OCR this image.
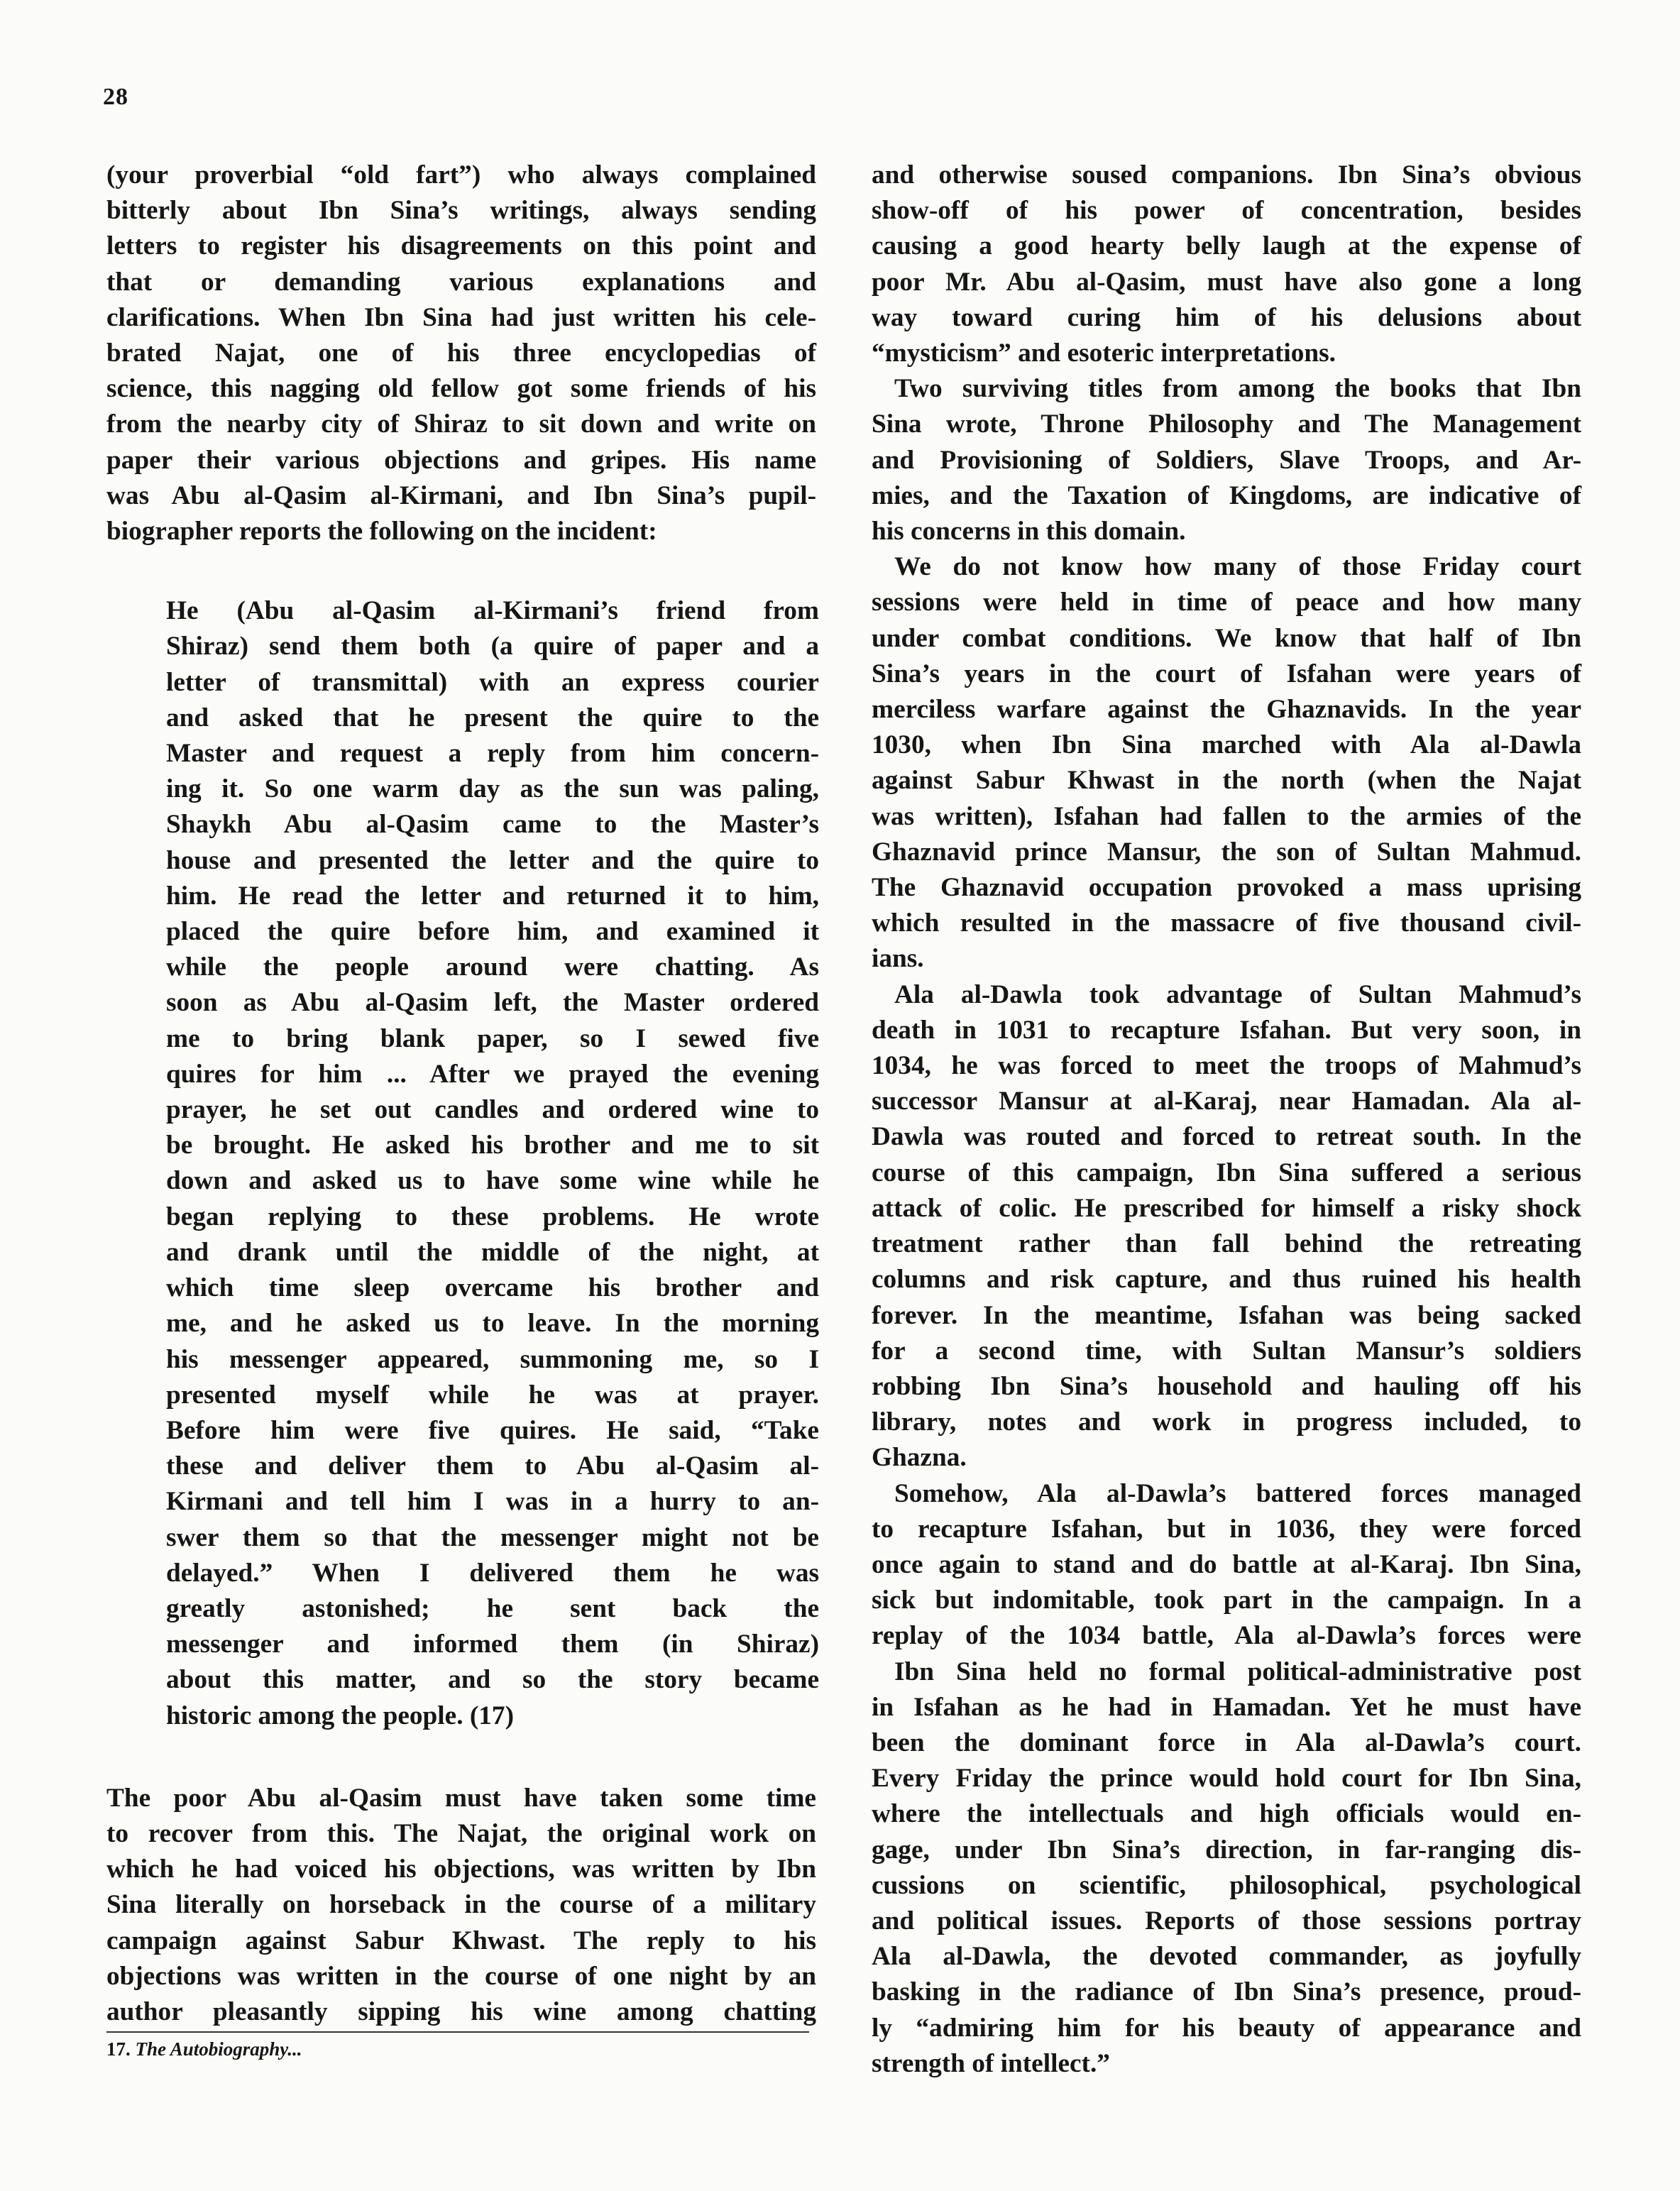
28
(your proverbial “old fart”) who always complained
bitterly about Ibn Sina’s writings, always sending
letters to register his disagreements on this point and
that or demanding various explanations and
clarifications. When Ibn Sina had just written his cele-
brated Najat, one of his three encyclopedias of
science, this nagging old fellow got some friends of his
from the nearby city of Shiraz to sit down and write on
paper their various objections and gripes. His name
was Abu al-Qasim al-Kirmani, and Ibn Sina’s pupil-
biographer reports the following on the incident:
He (Abu al-Qasim al-Kirmani’s friend from
Shiraz) send them both (a quire of paper and a
letter of transmittal) with an express courier
and asked that he present the quire to the
Master and request a reply from him concern-
ing it. So one warm day as the sun was paling,
Shaykh Abu al-Qasim came to the Master’s
house and presented the letter and the quire to
him. He read the letter and returned it to him,
placed the quire before him, and examined it
while the people around were chatting. As
soon as Abu al-Qasim left, the Master ordered
me to bring blank paper, so I sewed five
quires for him ... After we prayed the evening
prayer, he set out candles and ordered wine to
be brought. He asked his brother and me to sit
down and asked us to have some wine while he
began replying to these problems. He wrote
and drank until the middle of the night, at
which time sleep overcame his brother and
me, and he asked us to leave. In the morning
his messenger appeared, summoning me, so I
presented myself while he was at prayer.
Before him were five quires. He said, “Take
these and deliver them to Abu al-Qasim al-
Kirmani and tell him I was in a hurry to an-
swer them so that the messenger might not be
delayed.” When I delivered them he was
greatly astonished; he sent back the
messenger and informed them (in Shiraz)
about this matter, and so the story became
historic among the people. (17)
The poor Abu al-Qasim must have taken some time
to recover from this. The Najat, the original work on
which he had voiced his objections, was written by Ibn
Sina literally on horseback in the course of a military
campaign against Sabur Khwast. The reply to his
objections was written in the course of one night by an
author pleasantly sipping his wine among chatting
and otherwise soused companions. Ibn Sina’s obvious
show-off of his power of concentration, besides
causing a good hearty belly laugh at the expense of
poor Mr. Abu al-Qasim, must have also gone a long
way toward curing him of his delusions about
“mysticism” and esoteric interpretations.
Two surviving titles from among the books that Ibn
Sina wrote, Throne Philosophy and The Management
and Provisioning of Soldiers, Slave Troops, and Ar-
mies, and the Taxation of Kingdoms, are indicative of
his concerns in this domain.
We do not know how many of those Friday court
sessions were held in time of peace and how many
under combat conditions. We know that half of Ibn
Sina’s years in the court of Isfahan were years of
merciless warfare against the Ghaznavids. In the year
1030, when Ibn Sina marched with Ala al-Dawla
against Sabur Khwast in the north (when the Najat
was written), Isfahan had fallen to the armies of the
Ghaznavid prince Mansur, the son of Sultan Mahmud.
The Ghaznavid occupation provoked a mass uprising
which resulted in the massacre of five thousand civil-
ians.
Ala al-Dawla took advantage of Sultan Mahmud’s
death in 1031 to recapture Isfahan. But very soon, in
1034, he was forced to meet the troops of Mahmud’s
successor Mansur at al-Karaj, near Hamadan. Ala al-
Dawla was routed and forced to retreat south. In the
course of this campaign, Ibn Sina suffered a serious
attack of colic. He prescribed for himself a risky shock
treatment rather than fall behind the retreating
columns and risk capture, and thus ruined his health
forever. In the meantime, Isfahan was being sacked
for a second time, with Sultan Mansur’s soldiers
robbing Ibn Sina’s household and hauling off his
library, notes and work in progress included, to
Ghazna.
Somehow, Ala al-Dawla’s battered forces managed
to recapture Isfahan, but in 1036, they were forced
once again to stand and do battle at al-Karaj. Ibn Sina,
sick but indomitable, took part in the campaign. In a
replay of the 1034 battle, Ala al-Dawla’s forces were
Ibn Sina held no formal political-administrative post
in Isfahan as he had in Hamadan. Yet he must have
been the dominant force in Ala al-Dawla’s court.
Every Friday the prince would hold court for Ibn Sina,
where the intellectuals and high officials would en-
gage, under Ibn Sina’s direction, in far-ranging dis-
cussions on scientific, philosophical, psychological
and political issues. Reports of those sessions portray
Ala al-Dawla, the devoted commander, as joyfully
basking in the radiance of Ibn Sina’s presence, proud-
ly “admiring him for his beauty of appearance and
strength of intellect.”
17. The Autobiography...
